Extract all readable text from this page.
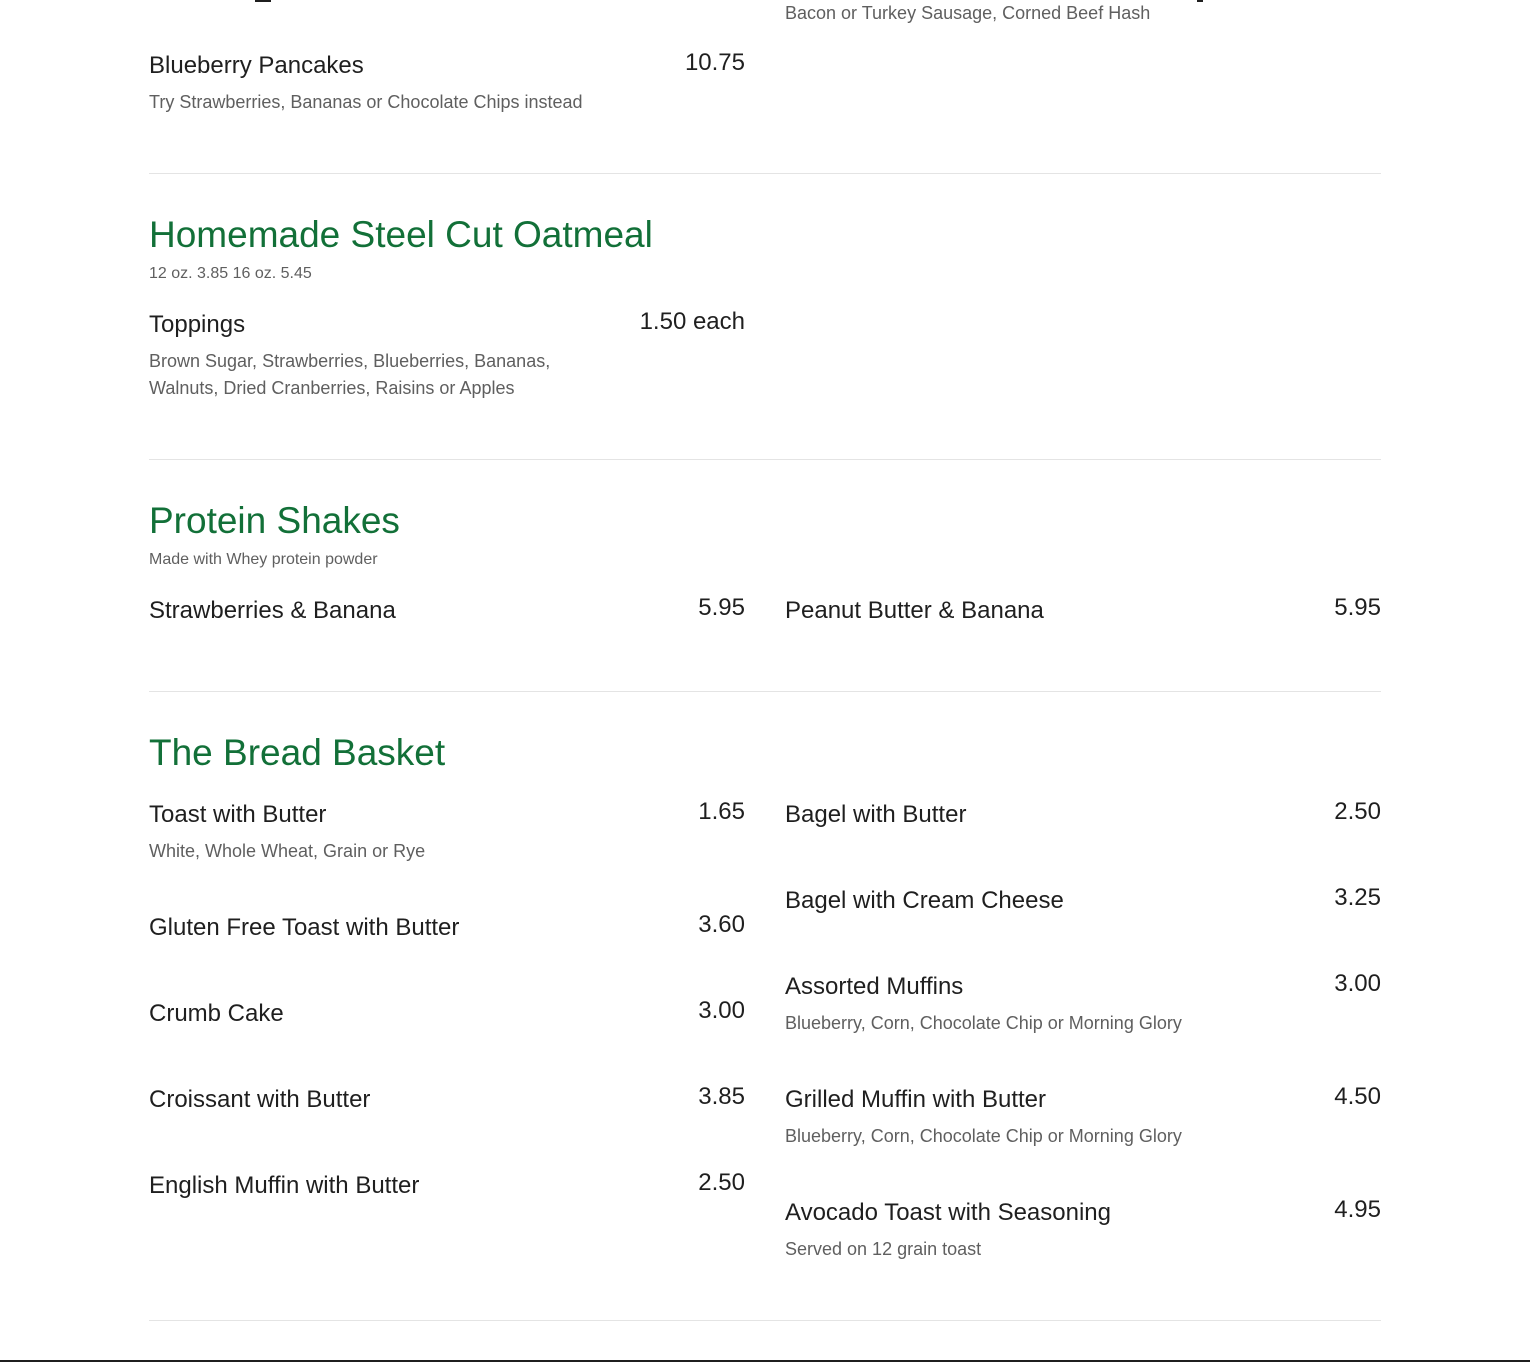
Bacon or Turkey Sausage, Corned Beef Hash
Blueberry Pancakes	10.75
Try Strawberries, Bananas or Chocolate Chips instead
Homemade Steel Cut Oatmeal
12 oz. 3.85 16 oz. 5.45
Toppings	1.50 each
Brown Sugar, Strawberries, Blueberries, Bananas,
Walnuts, Dried Cranberries, Raisins or Apples
Protein Shakes
Made with Whey protein powder
Strawberries & Banana	5.95 Peanut Butter & Banana	5.95
The Bread Basket
Toast with Butter	1.65
White, Whole Wheat, Grain or Rye
Gluten Free Toast with Butter	3.60
Crumb Cake	3.00
Croissant with Butter	3.85
English Muffin with Butter	2.50
Bagel with Butter	2.50
Bagel with Cream Cheese	3.25
Assorted Muffins	3.00
Blueberry, Corn, Chocolate Chip or Morning Glory
Grilled Muffin with Butter	4.50
Blueberry, Corn, Chocolate Chip or Morning Glory
Avocado Toast with Seasoning	4.95
Served on 12 grain toast
